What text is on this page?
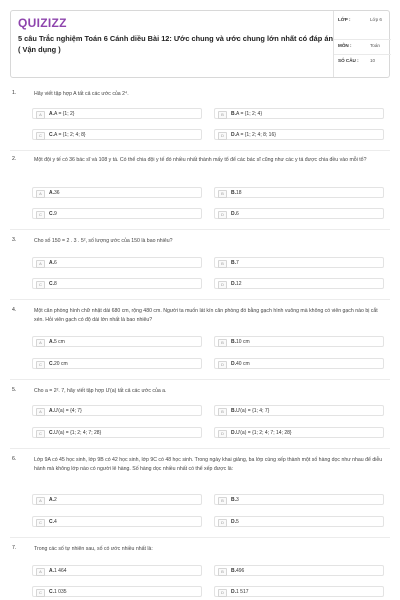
QUIZIZZ
5 câu Trắc nghiệm Toán 6 Cánh diều Bài 12: Ước chung và ước chung lớn nhất có đáp án ( Vận dụng )
LỚP :	Lớp 6
MÔN :	Toán
SỐ CÂU : 10
1.	Hãy viết tập hợp A tất cả các ước của 2⁴.
A	A.A = {1; 2}	B	B.A = {1; 2; 4}
C	C.A = {1; 2; 4; 8}	D	D.A = {1; 2; 4; 8; 16}
2.	Một đội y tế có 36 bác sĩ và 108 y tá. Có thể chia đội y tế đó nhiều nhất thành mấy tổ để các bác sĩ cũng như các y tá được chia đều vào mỗi tổ?
A	A.36	B	B.18
C	C.9	D	D.6
3.	Cho số 150 = 2 . 3 . 5², số lượng ước của 150 là bao nhiêu?
A	A.6	B	B.7
C	C.8	D	D.12
4.	Một căn phòng hình chữ nhật dài 680 cm, rộng 480 cm. Người ta muốn lát kín căn phòng đó bằng gạch hình vuông mà không có viên gạch nào bị cắt xén. Hỏi viên gạch có độ dài lớn nhất là bao nhiêu?
A	A.5 cm	B	B.10 cm
C	C.20 cm	D	D.40 cm
5.	Cho a = 2². 7, hãy viết tập hợp Ư(a) tất cả các ước của a.
A	A.Ư(a) = {4; 7}	B	B.Ư(a) = {1; 4; 7}
C	C.Ư(a) = {1; 2; 4; 7; 28}	D	D.Ư(a) = {1; 2; 4; 7; 14; 28}
6.	Lớp 9A có 45 học sinh, lớp 9B có 42 học sinh, lớp 9C có 48 học sinh. Trong ngày khai giảng, ba lớp cùng xếp thành một số hàng dọc như nhau để diễu hành mà không lớp nào có người lẻ hàng. Số hàng dọc nhiều nhất có thể xếp được là:
A	A.2	B	B.3
C	C.4	D	D.5
7.	Trong các số tự nhiên sau, số có ước nhiều nhất là:
A	A.1 464	B	B.496
C	C.1 035	D	D.1 517
